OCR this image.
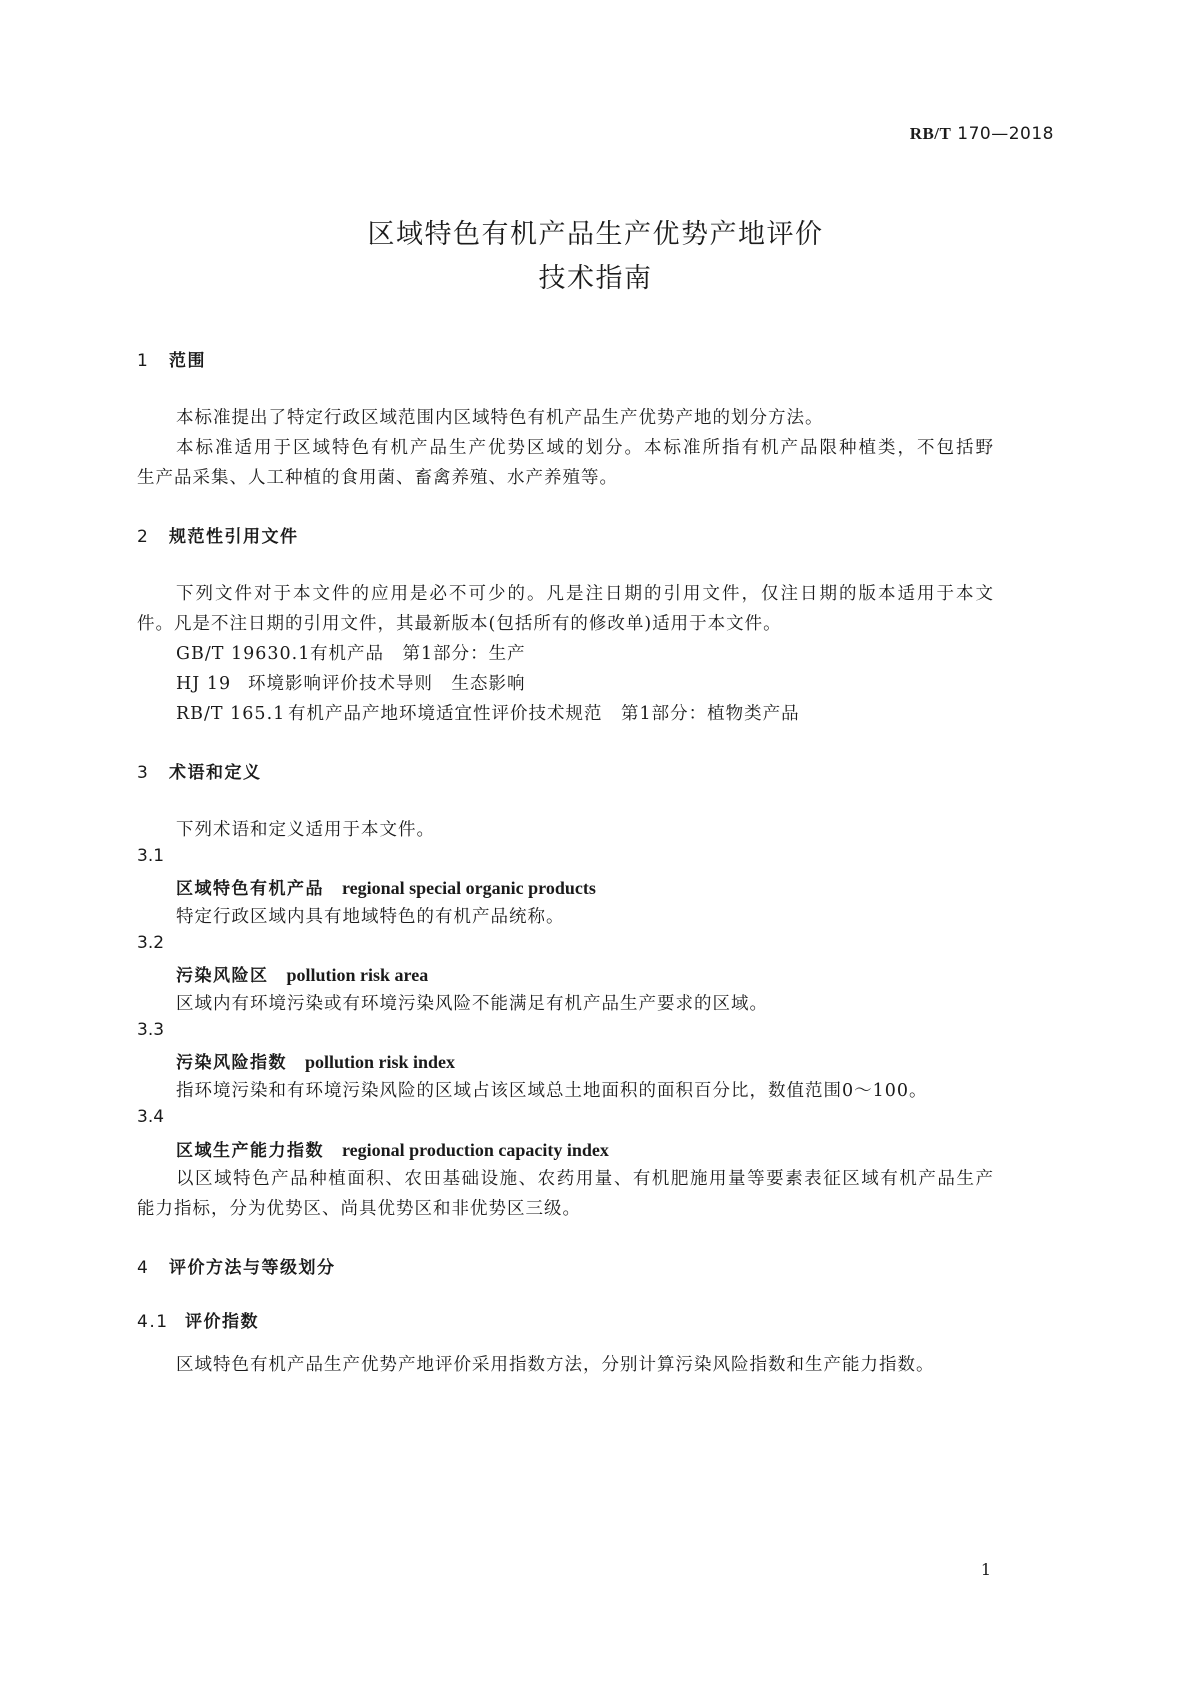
RB/T 170—2018
区域特色有机产品生产优势产地评价
技术指南
1 范围
本标准提出了特定行政区域范围内区域特色有机产品生产优势产地的划分方法。
本标准适用于区域特色有机产品生产优势区域的划分。本标准所指有机产品限种植类，不包括野
生产品采集、人工种植的食用菌、畜禽养殖、水产养殖等。
2 规范性引用文件
下列文件对于本文件的应用是必不可少的。凡是注日期的引用文件，仅注日期的版本适用于本文
件。凡是不注日期的引用文件，其最新版本(包括所有的修改单)适用于本文件。
GB/T 19630.1有机产品　第1部分：生产
HJ 19 环境影响评价技术导则　生态影响
RB/T 165.1 有机产品产地环境适宜性评价技术规范　第1部分：植物类产品
3 术语和定义
下列术语和定义适用于本文件。
3.1
区域特色有机产品 regional special organic products
特定行政区域内具有地域特色的有机产品统称。
3.2
污染风险区 pollution risk area
区域内有环境污染或有环境污染风险不能满足有机产品生产要求的区域。
3.3
污染风险指数 pollution risk index
指环境污染和有环境污染风险的区域占该区域总土地面积的面积百分比，数值范围0～100。
3.4
区域生产能力指数 regional production capacity index
以区域特色产品种植面积、农田基础设施、农药用量、有机肥施用量等要素表征区域有机产品生产
能力指标，分为优势区、尚具优势区和非优势区三级。
4 评价方法与等级划分
4.1 评价指数
区域特色有机产品生产优势产地评价采用指数方法，分别计算污染风险指数和生产能力指数。
1
